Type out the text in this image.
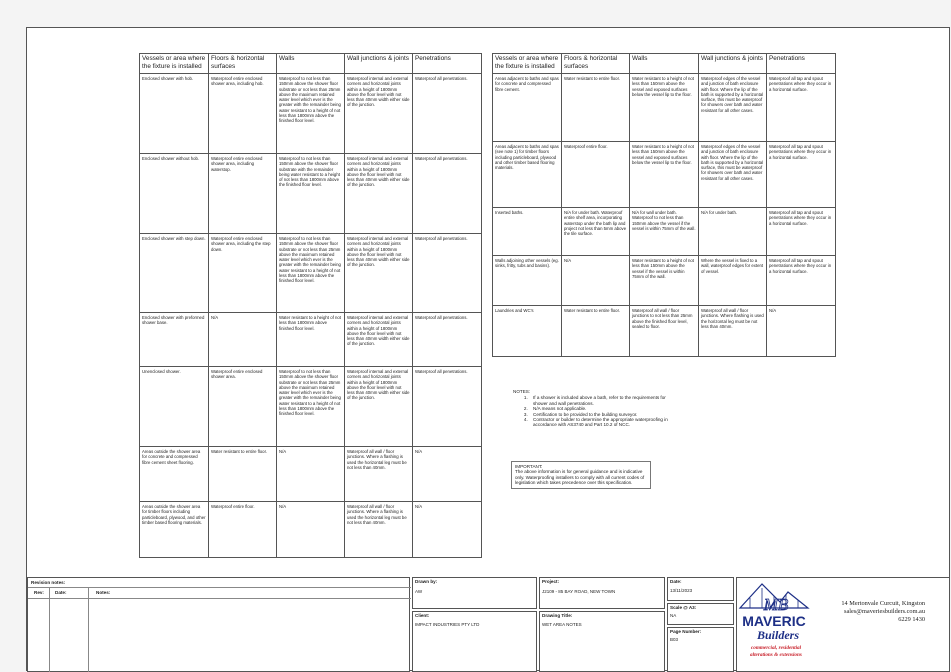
Vessels or area where the fixture is installed	Floors & horizontal surfaces	Walls	Wall junctions & joints	Penetrations
Enclosed shower with hob.	Waterproof entire enclosed shower area, including hob.	Waterproof to not less than 150mm above the shower floor substrate or not less than 25mm above the maximum retained water level which ever is the greater with the remainder being water resistant to a height of not less than 1800mm above the finished floor level.	Waterproof internal and external corners and horizontal joints within a height of 1800mm above the floor level with not less than 40mm width either side of the junction.	Waterproof all penetrations.
Enclosed shower without hob.	Waterproof entire enclosed shower area, including waterstop.	Waterproof to not less than 150mm above the shower floor substrate with the remainder being water resistant to a height of not less than 1800mm above the finished floor level.	Waterproof internal and external corners and horizontal joints within a height of 1800mm above the floor level with not less than 40mm width either side of the junction.	Waterproof all penetrations.
Enclosed shower with step down.	Waterproof entire enclosed shower area, including the step down.	Waterproof to not less than 150mm above the shower floor substrate or not less than 25mm above the maximum retained water level which ever is the greater with the remainder being water resistant to a height of not less than 1800mm above the finished floor level.	Waterproof internal and external corners and horizontal joints within a height of 1800mm above the floor level with not less than 40mm width either side of the junction.	Waterproof all penetrations.
Enclosed shower with preformed shower base.	N/A	Water resistant to a height of not less than 1800mm above finished floor level.	Waterproof internal and external corners and horizontal joints within a height of 1800mm above the floor level with not less than 40mm width either side of the junction.	Waterproof all penetrations.
Unenclosed shower.	Waterproof entire enclosed shower area.	Waterproof to not less than 150mm above the shower floor substrate or not less than 25mm above the maximum retained water level which ever is the greater with the remainder being water resistant to a height of not less than 1800mm above the finished floor level.	Waterproof internal and external corners and horizontal joints within a height of 1800mm above the floor level with not less than 40mm width either side of the junction.	Waterproof all penetrations.
Areas outside the shower area for concrete and compressed fibre cement sheet flooring.	Water resistant to entire floor.	N/A	Waterproof all wall / floor junctions. Where a flashing is used the horizontal leg must be not less than 40mm.	N/A
Areas outside the shower area for timber floors including particleboard, plywood, and other timber based flooring materials.	Waterproof entire floor.	N/A	Waterproof all wall / floor junctions. Where a flashing is used the horizontal leg must be not less than 40mm.	N/A
Vessels or area where the fixture is installed	Floors & horizontal surfaces	Walls	Wall junctions & joints	Penetrations
Areas adjacent to baths and spas for concrete and compressed fibre cement.	Water resistant to entire floor.	Water resistant to a height of not less than 150mm above the vessel and exposed surfaces below the vessel lip to the floor.	Waterproof edges of the vessel and junction of bath enclosure with floor. Where the lip of the bath is supported by a horizontal surface, this must be waterproof for showers over bath and water resistant for all other cases.	Waterproof all tap and spout penetrations where they occur in a horizontal surface.
Areas adjacent to baths and spas (see note 1) for timber floors including particleboard, plywood and other timber based flooring materials.	Waterproof entire floor.	Water resistant to a height of not less than 150mm above the vessel and exposed surfaces below the vessel lip to the floor.	Waterproof edges of the vessel and junction of bath enclosure with floor. Where the lip of the bath is supported by a horizontal surface, this must be waterproof for showers over bath and water resistant for all other cases.	Waterproof all tap and spout penetrations where they occur in a horizontal surface.
Inserted baths.	N/A for under bath. Waterproof entire shelf area, incorporating waterstop under the bath lip and project not less than 5mm above the tile surface.	N/A for wall under bath. Waterproof to not less than 150mm above the vessel if the vessel is within 75mm of the wall.	N/A for under bath.	Waterproof all tap and spout penetrations where they occur in a horizontal surface.
Walls adjoining other vessels (eg. sinks, fritty, tubs and basins).	N/A	Water resistant to a height of not less than 150mm above the vessel if the vessel is within 75mm of the wall.	Where the vessel is fixed to a wall, waterproof edges for extent of vessel.	Waterproof all tap and spout penetrations where they occur in a horizontal surface.
Laundries and WC's	Water resistant to entire floor.	Waterproof all wall / floor junctions to not less than 25mm above the finished floor level, sealed to floor.	Waterproof all wall / floor junctions. Where flashing is used the horizontal leg must be not less than 40mm.	N/A
NOTES:
1. If a shower is included above a bath, refer to the requirements for shower and wall penetrations.
2. N/A means not applicable.
3. Certification to be provided to the building surveyor.
4. Contractor or builder to determine the appropriate waterproofing in accordance with AS3740 and Part 10.2 of NCC.
IMPORTANT:
The above information is for general guidance and is indicative only. Waterproofing installers to comply with all current codes of legislation which takes precedence over this specification.
Revision notes:
Rev: Date:	Notes:
Drawn by:
AW
Client:
IMPACT INDUSTRIES PTY LTD
Project:
J2109 - 85 BAY ROAD, NEW TOWN
Drawing Title:
WET AREA NOTES
Date:
13/11/2023
Scale @ A3:
NA
Page Number:
B03
MB
MAVERIC
Builders
commercial, residential
alterations & extensions
14 Mertonvale Curcuit, Kingston
sales@maveriesbuilders.com.au
6229 1430
